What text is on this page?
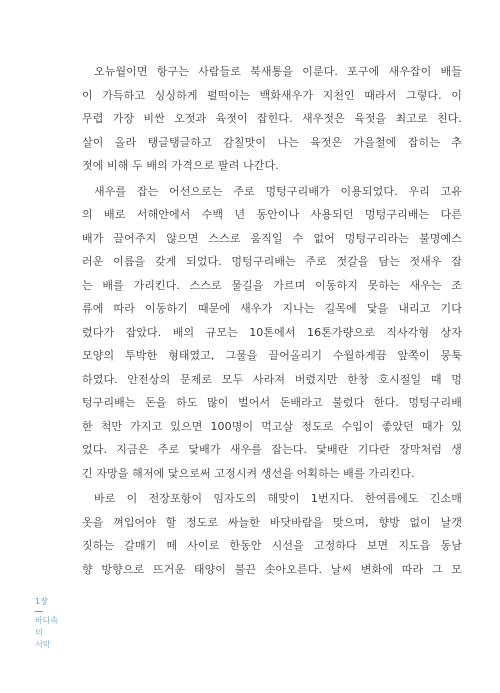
오뉴월이면 항구는 사람들로 북새통을 이룬다. 포구에 새우잡이 배들
이 가득하고 싱싱하게 펄떡이는 백화새우가 지천인 때라서 그렇다. 이
무렵 가장 비싼 오젓과 육젓이 잡힌다. 새우젓은 육젓을 최고로 친다.
살이 올라 탱글탱글하고 감칠맛이 나는 육젓은 가을철에 잡히는 추
젓에 비해 두 배의 가격으로 팔려 나간다.
새우를 잡는 어선으로는 주로 멍텅구리배가 이용되었다. 우리 고유
의 배로 서해안에서 수백 년 동안이나 사용되던 멍텅구리배는 다른
배가 끌어주지 않으면 스스로 움직일 수 없어 멍텅구리라는 불명예스
러운 이름을 갖게 되었다. 멍텅구리배는 주로 젓갈을 담는 젓새우 잡
는 배를 가리킨다. 스스로 물길을 가르며 이동하지 못하는 새우는 조
류에 따라 이동하기 때문에 새우가 지나는 길목에 닻을 내리고 기다
렸다가 잡았다. 배의 규모는 10톤에서 16톤가량으로 직사각형 상자
모양의 투박한 형태였고, 그물을 끌어올리기 수월하게끔 앞쪽이 뭉툭
하였다. 안전상의 문제로 모두 사라져 버렸지만 한창 호시절일 때 멍
텅구리배는 돈을 하도 많이 벌어서 돈배라고 불렸다 한다. 멍텅구리배
한 척만 가지고 있으면 100명이 먹고살 정도로 수입이 좋았던 때가 있
었다. 지금은 주로 닻배가 새우를 잡는다. 닻배란 기다란 장막처럼 생
긴 자망을 해저에 닻으로써 고정시켜 생선을 어획하는 배를 가리킨다.
바로 이 전장포항이 임자도의 해맞이 1번지다. 한여름에도 긴소매
옷을 껴입어야 할 정도로 싸늘한 바닷바람을 맞으며, 향방 없이 날갯
짓하는 갈매기 떼 사이로 한동안 시선을 고정하다 보면 지도읍 동남
향 방향으로 뜨거운 태양이 불끈 솟아오른다. 날씨 변화에 따라 그 모
1장
바다속의
서막
